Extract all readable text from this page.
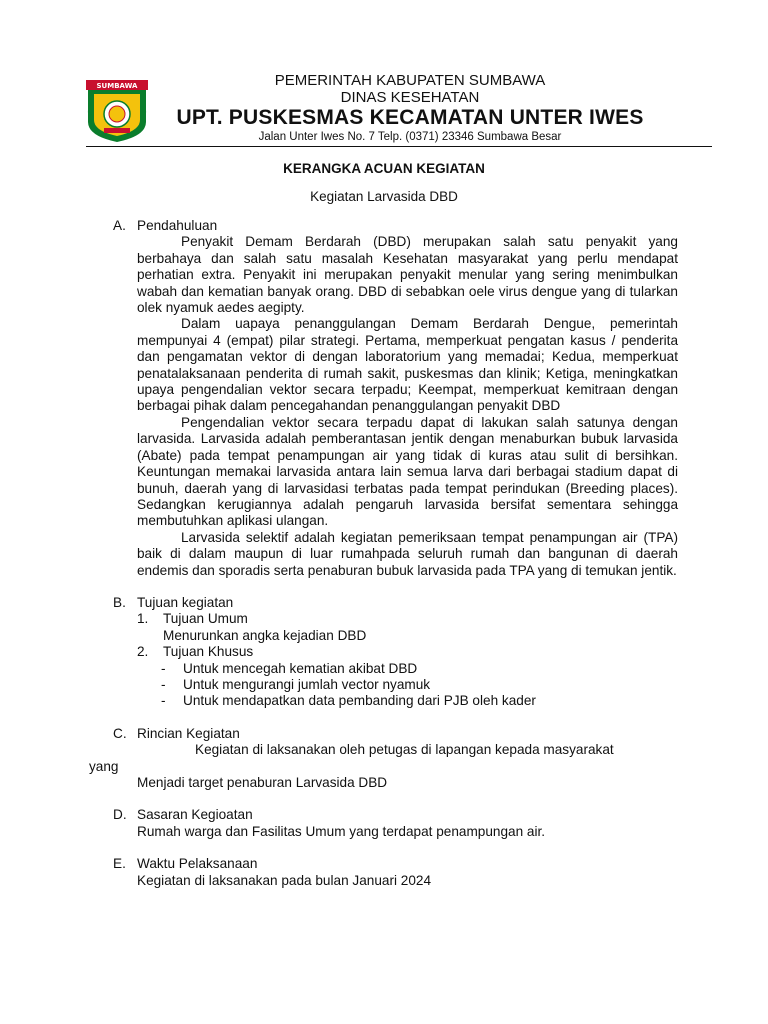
SUMBAWA	PEMERINTAH KABUPATEN SUMBAWA
DINAS KESEHATAN
UPT. PUSKESMAS KECAMATAN UNTER IWES
Jalan Unter Iwes No. 7 Telp. (0371) 23346 Sumbawa Besar
KERANGKA ACUAN KEGIATAN
Kegiatan Larvasida DBD
A. Pendahuluan
Penyakit Demam Berdarah (DBD) merupakan salah satu penyakit yang berbahaya dan salah satu masalah Kesehatan masyarakat yang perlu mendapat perhatian extra. Penyakit ini merupakan penyakit menular yang sering menimbulkan wabah dan kematian banyak orang. DBD di sebabkan oele virus dengue yang di tularkan olek nyamuk aedes aegipty.
Dalam uapaya penanggulangan Demam Berdarah Dengue, pemerintah mempunyai 4 (empat) pilar strategi. Pertama, memperkuat pengatan kasus / penderita dan pengamatan vektor di dengan laboratorium yang memadai; Kedua, memperkuat penatalaksanaan penderita di rumah sakit, puskesmas dan klinik; Ketiga, meningkatkan upaya pengendalian vektor secara terpadu; Keempat, memperkuat kemitraan dengan berbagai pihak dalam pencegahandan penanggulangan penyakit DBD
Pengendalian vektor secara terpadu dapat di lakukan salah satunya dengan larvasida. Larvasida adalah pemberantasan jentik dengan menaburkan bubuk larvasida (Abate) pada tempat penampungan air yang tidak di kuras atau sulit di bersihkan. Keuntungan memakai larvasida antara lain semua larva dari berbagai stadium dapat di bunuh, daerah yang di larvasidasi terbatas pada tempat perindukan (Breeding places). Sedangkan kerugiannya adalah pengaruh larvasida bersifat sementara sehingga membutuhkan aplikasi ulangan.
Larvasida selektif adalah kegiatan pemeriksaan tempat penampungan air (TPA) baik di dalam maupun di luar rumahpada seluruh rumah dan bangunan di daerah endemis dan sporadis serta penaburan bubuk larvasida pada TPA yang di temukan jentik.
B. Tujuan kegiatan
1.	Tujuan Umum
Menurunkan angka kejadian DBD
2.	Tujuan Khusus
-	Untuk mencegah kematian akibat DBD
-	Untuk mengurangi jumlah vector nyamuk
-	Untuk mendapatkan data pembanding dari PJB oleh kader
C. Rincian Kegiatan
Kegiatan di laksanakan oleh petugas di lapangan kepada masyarakat
yang
Menjadi target penaburan Larvasida DBD
D. Sasaran Kegioatan
Rumah warga dan Fasilitas Umum yang terdapat penampungan air.
E. Waktu Pelaksanaan
Kegiatan di laksanakan pada bulan Januari 2024
